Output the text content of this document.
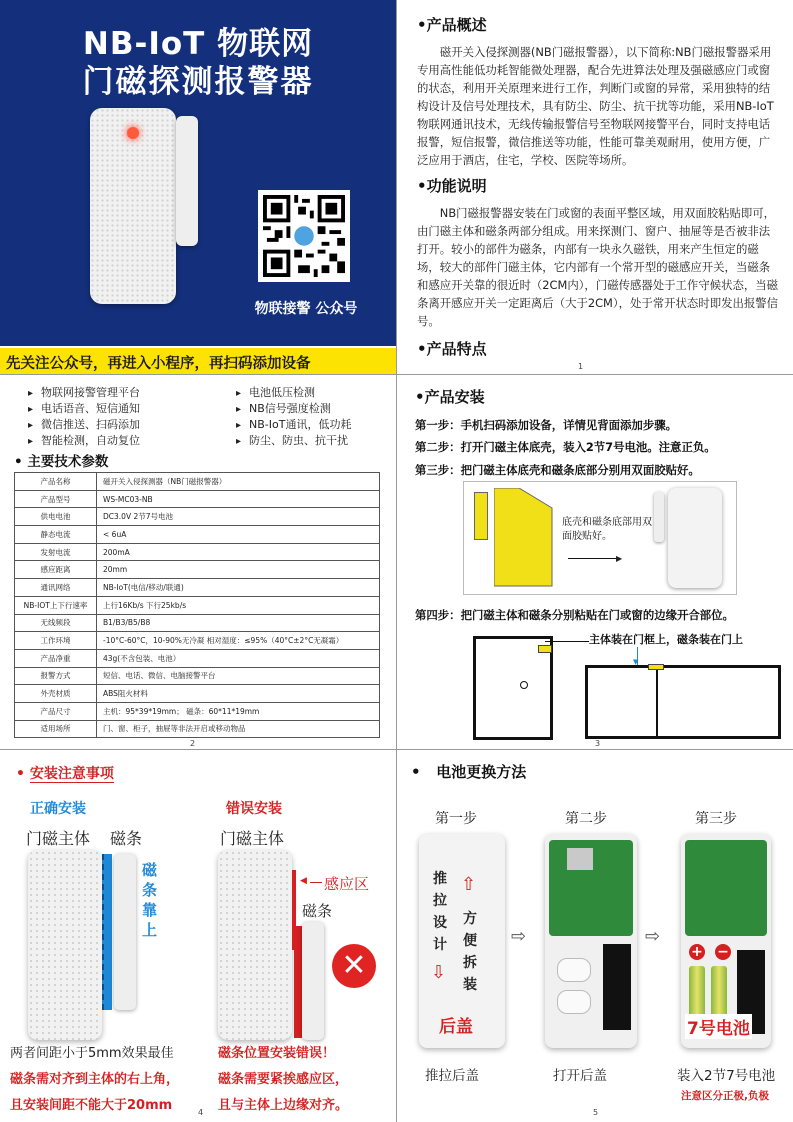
NB-IoT 物联网
门磁探测报警器
物联接警 公众号
先关注公众号，再进入小程序，再扫码添加设备
•产品概述
磁开关入侵探测器(NB门磁报警器），以下简称:NB门磁报警器采用专用高性能低功耗智能微处理器，配合先进算法处理及强磁感应门或窗的状态，利用开关原理来进行工作，判断门或窗的异常，采用独特的结构设计及信号处理技术，具有防尘、防尘、抗干扰等功能，采用NB-IoT物联网通讯技术，无线传输报警信号至物联网接警平台，同时支持电话报警，短信报警，微信推送等功能，性能可靠美观耐用，使用方便，广泛应用于酒店，住宅，学校、医院等场所。
•功能说明
NB门磁报警器安装在门或窗的表面平整区域，用双面胶粘贴即可，由门磁主体和磁条两部分组成。用来探测门、窗户、抽屉等是否被非法打开。较小的部件为磁条，内部有一块永久磁铁，用来产生恒定的磁场，较大的部件门磁主体，它内部有一个常开型的磁感应开关，当磁条和感应开关靠的很近时（2CM内），门磁传感器处于工作守候状态，当磁条离开感应开关一定距离后（大于2CM），处于常开状态时即发出报警信号。
•产品特点
1
▸ 物联网接警管理平台
▸ 电话语音、短信通知
▸ 微信推送、扫码添加
▸ 智能检测，自动复位
▸ 电池低压检测
▸ NB信号强度检测
▸ NB-IoT通讯，低功耗
▸ 防尘、防虫、抗干扰
• 主要技术参数
产品名称	磁开关入侵探测器（NB门磁报警器）
产品型号	WS-MC03-NB
供电电池	DC3.0V 2节7号电池
静态电流	< 6uA
发射电流	200mA
感应距离	20mm
通讯网络	NB-IoT(电信/移动/联通)
NB-IOT上下行速率	上行16Kb/s 下行25kb/s
无线频段	B1/B3/B5/B8
工作环境	-10°C-60°C，10-90%无冷凝 相对湿度：≤95%（40°C±2°C无凝霜）
产品净重	43g(不含包装、电池）
报警方式	短信、电话、微信、电脑接警平台
外壳材质	ABS阻火材料
产品尺寸	主机：95*39*19mm； 磁条：60*11*19mm
适用场所	门、窗、柜子，抽屉等非法开启或移动物品
2
•产品安装
第一步：手机扫码添加设备，详情见背面添加步骤。
第二步：打开门磁主体底壳，装入2节7号电池。注意正负。
第三步：把门磁主体底壳和磁条底部分别用双面胶贴好。
底壳和磁条底部用双面胶贴好。
▶
第四步：把门磁主体和磁条分别粘贴在门或窗的边缘开合部位。
主体装在门框上，磁条装在门上
▼
3
• 安装注意事项
正确安装	错误安装
门磁主体 磁条	门磁主体
磁条靠上
◀ 感应区
磁条
✕
两者间距小于5mm效果最佳
磁条需对齐到主体的右上角，
且安装间距不能大于20mm
磁条位置安装错误！
磁条需要紧挨感应区，
且与主体上边缘对齐。
4
•   电池更换方法
第一步	第二步	第三步
推拉设计
方便拆装
⇧
⇩
后盖
⇨	⇨
+ −
7号电池
推拉后盖	打开后盖	装入2节7号电池
注意区分正极,负极
5
